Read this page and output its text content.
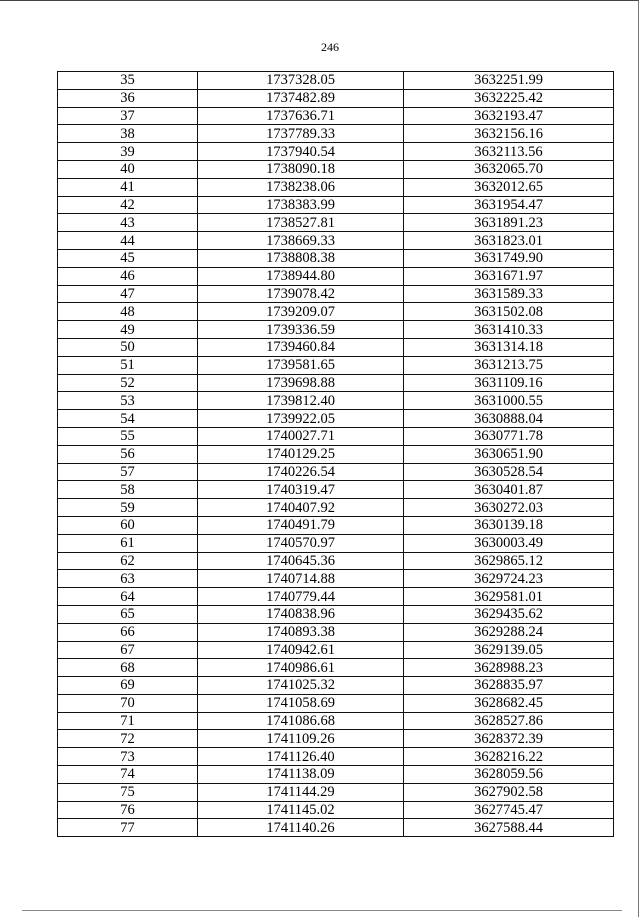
246
35	1737328.05	3632251.99
36	1737482.89	3632225.42
37	1737636.71	3632193.47
38	1737789.33	3632156.16
39	1737940.54	3632113.56
40	1738090.18	3632065.70
41	1738238.06	3632012.65
42	1738383.99	3631954.47
43	1738527.81	3631891.23
44	1738669.33	3631823.01
45	1738808.38	3631749.90
46	1738944.80	3631671.97
47	1739078.42	3631589.33
48	1739209.07	3631502.08
49	1739336.59	3631410.33
50	1739460.84	3631314.18
51	1739581.65	3631213.75
52	1739698.88	3631109.16
53	1739812.40	3631000.55
54	1739922.05	3630888.04
55	1740027.71	3630771.78
56	1740129.25	3630651.90
57	1740226.54	3630528.54
58	1740319.47	3630401.87
59	1740407.92	3630272.03
60	1740491.79	3630139.18
61	1740570.97	3630003.49
62	1740645.36	3629865.12
63	1740714.88	3629724.23
64	1740779.44	3629581.01
65	1740838.96	3629435.62
66	1740893.38	3629288.24
67	1740942.61	3629139.05
68	1740986.61	3628988.23
69	1741025.32	3628835.97
70	1741058.69	3628682.45
71	1741086.68	3628527.86
72	1741109.26	3628372.39
73	1741126.40	3628216.22
74	1741138.09	3628059.56
75	1741144.29	3627902.58
76	1741145.02	3627745.47
77	1741140.26	3627588.44
